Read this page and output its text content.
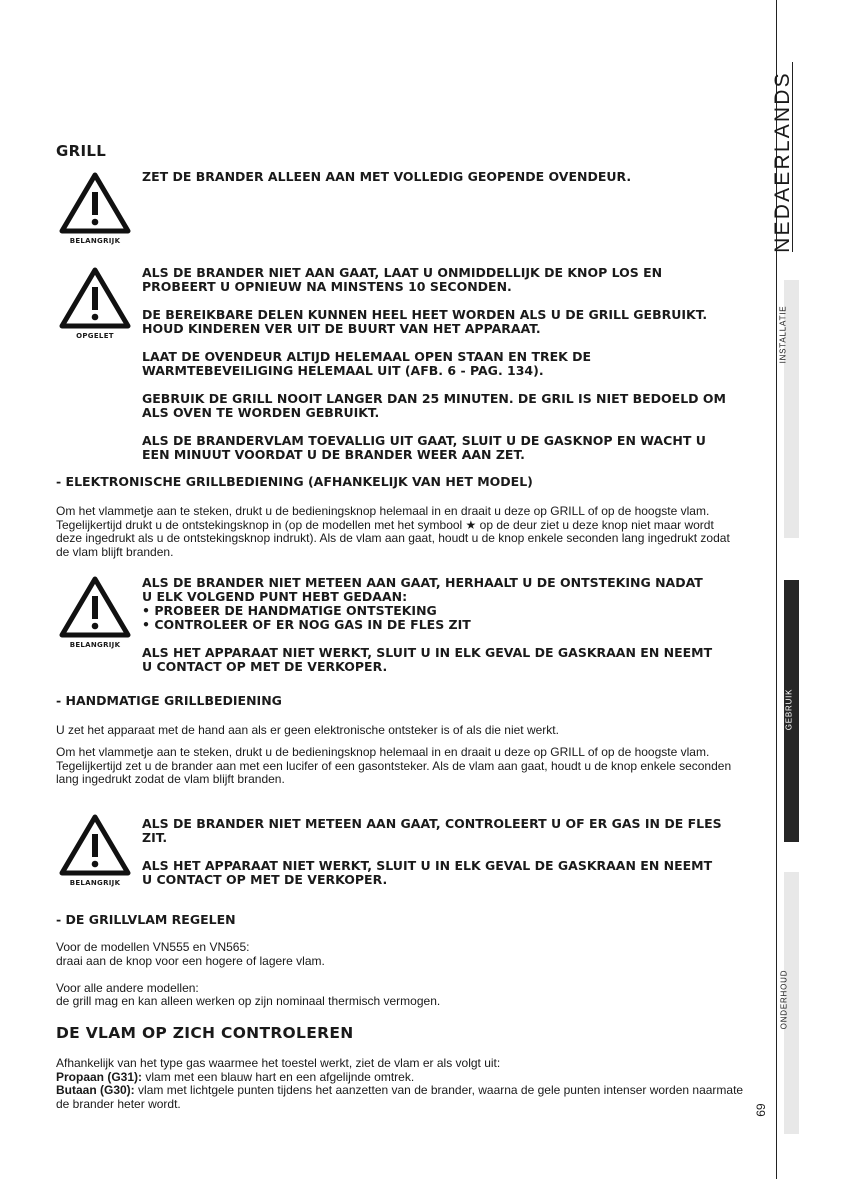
NEDAERLANDS
INSTALLATIE
GEBRUIK
ONDERHOUD
69
GRILL
BELANGRIJK
ZET DE BRANDER ALLEEN AAN MET VOLLEDIG GEOPENDE OVENDEUR.
OPGELET

ALS DE BRANDER NIET AAN GAAT, LAAT U ONMIDDELLIJK DE KNOP LOS EN PROBEERT U OPNIEUW NA MINSTENS 10 SECONDEN.

DE BEREIKBARE DELEN KUNNEN HEEL HEET WORDEN ALS U DE GRILL GEBRUIKT. HOUD KINDEREN VER UIT DE BUURT VAN HET APPARAAT.

LAAT DE OVENDEUR ALTIJD HELEMAAL OPEN STAAN EN TREK DE WARMTEBEVEILIGING HELEMAAL UIT (AFB. 6 - PAG. 134).

GEBRUIK DE GRILL NOOIT LANGER DAN 25 MINUTEN. DE GRIL IS NIET BEDOELD OM ALS OVEN TE WORDEN GEBRUIKT.

ALS DE BRANDERVLAM TOEVALLIG UIT GAAT, SLUIT U DE GASKNOP EN WACHT U EEN MINUUT VOORDAT U DE BRANDER WEER AAN ZET.

- ELEKTRONISCHE GRILLBEDIENING (AFHANKELIJK VAN HET MODEL)
Om het vlammetje aan te steken, drukt u de bedieningsknop helemaal in en draait u deze op GRILL of op de hoogste vlam. Tegelijkertijd drukt u de ontstekingsknop in (op de modellen met het symbool ★ op de deur ziet u deze knop niet maar wordt deze ingedrukt als u de ontstekingsknop indrukt). Als de vlam aan gaat, houdt u de knop enkele seconden lang ingedrukt zodat de vlam blijft branden.
BELANGRIJK

ALS DE BRANDER NIET METEEN AAN GAAT, HERHAALT U DE ONTSTEKING NADAT U ELK VOLGEND PUNT HEBT GEDAAN:

• PROBEER DE HANDMATIGE ONTSTEKING

• CONTROLEER OF ER NOG GAS IN DE FLES ZIT

ALS HET APPARAAT NIET WERKT, SLUIT U IN ELK GEVAL DE GASKRAAN EN NEEMT U CONTACT OP MET DE VERKOPER.

- HANDMATIGE GRILLBEDIENING
U zet het apparaat met de hand aan als er geen elektronische ontsteker is of als die niet werkt.
Om het vlammetje aan te steken, drukt u de bedieningsknop helemaal in en draait u deze op GRILL of op de hoogste vlam. Tegelijkertijd zet u de brander aan met een lucifer of een gasontsteker. Als de vlam aan gaat, houdt u de knop enkele seconden lang ingedrukt zodat de vlam blijft branden.
BELANGRIJK

ALS DE BRANDER NIET METEEN AAN GAAT, CONTROLEERT U OF ER GAS IN DE FLES ZIT.

ALS HET APPARAAT NIET WERKT, SLUIT U IN ELK GEVAL DE GASKRAAN EN NEEMT U CONTACT OP MET DE VERKOPER.

- DE GRILLVLAM REGELEN

Voor de modellen VN555 en VN565:

draai aan de knop voor een hogere of lagere vlam.

Voor alle andere modellen:

de grill mag en kan alleen werken op zijn nominaal thermisch vermogen.

DE VLAM OP ZICH CONTROLEREN

Afhankelijk van het type gas waarmee het toestel werkt, ziet de vlam er als volgt uit:

Propaan (G31): vlam met een blauw hart en een afgelijnde omtrek.

Butaan (G30): vlam met lichtgele punten tijdens het aanzetten van de brander, waarna de gele punten intenser worden naarmate de brander heter wordt.
